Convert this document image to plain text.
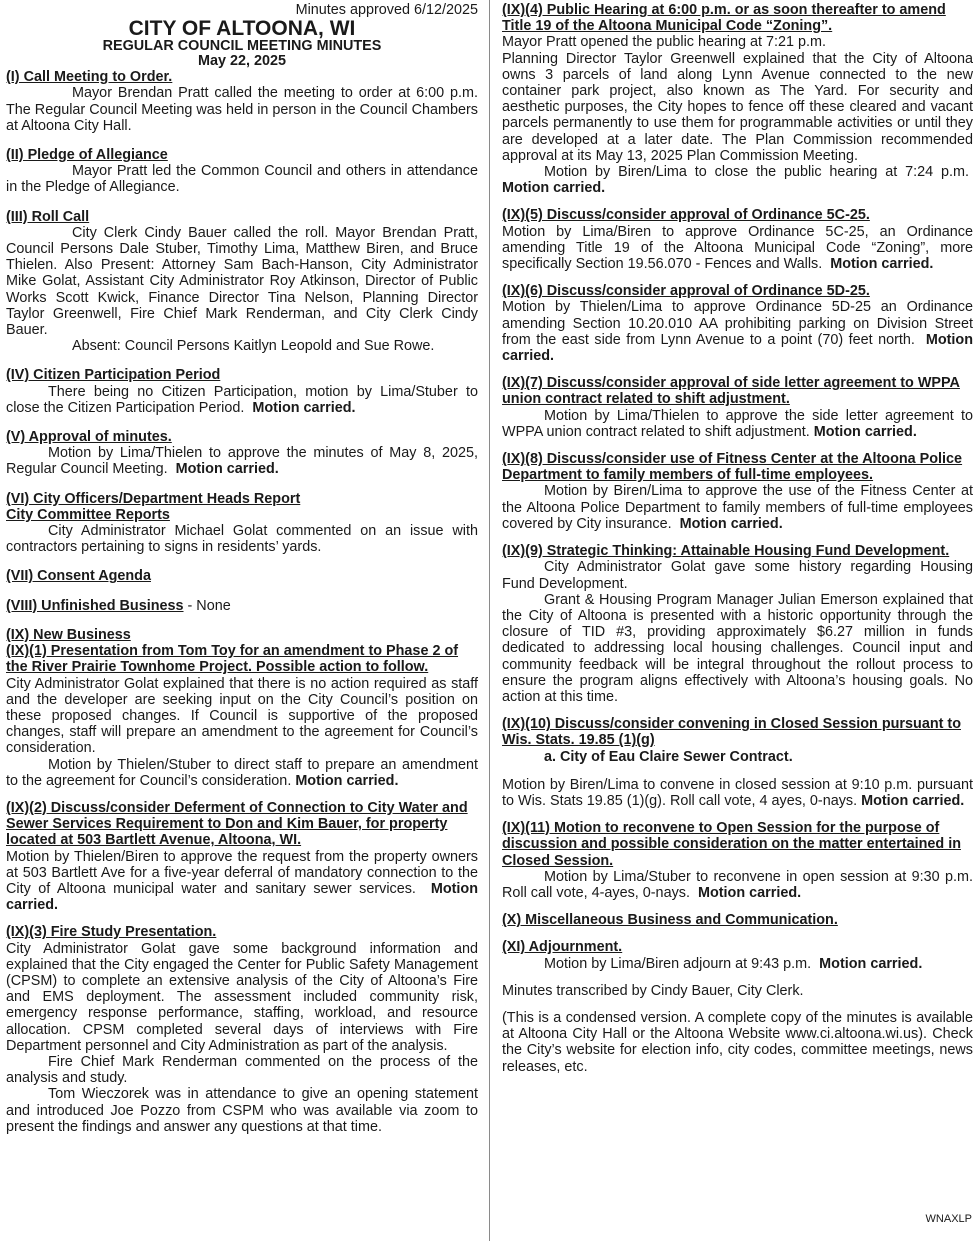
Minutes approved 6/12/2025
CITY OF ALTOONA, WI
REGULAR COUNCIL MEETING MINUTES
May 22, 2025
(I) Call Meeting to Order.

Mayor Brendan Pratt called the meeting to order at 6:00 p.m. The Regular Council Meeting was held in person in the Council Chambers at Altoona City Hall.

(II) Pledge of Allegiance

Mayor Pratt led the Common Council and others in attendance in the Pledge of Allegiance.

(III) Roll Call

City Clerk Cindy Bauer called the roll. Mayor Brendan Pratt, Council Persons Dale Stuber, Timothy Lima, Matthew Biren, and Bruce Thielen. Also Present: Attorney Sam Bach-Hanson, City Administrator Mike Golat, Assistant City Administrator Roy Atkinson, Director of Public Works Scott Kwick, Finance Director Tina Nelson, Planning Director Taylor Greenwell, Fire Chief Mark Renderman, and City Clerk Cindy Bauer.

Absent: Council Persons Kaitlyn Leopold and Sue Rowe.

(IV) Citizen Participation Period

There being no Citizen Participation, motion by Lima/Stuber to close the Citizen Participation Period. Motion carried.

(V) Approval of minutes.

Motion by Lima/Thielen to approve the minutes of May 8, 2025, Regular Council Meeting. Motion carried.

(VI) City Officers/Department Heads Report
City Committee Reports

City Administrator Michael Golat commented on an issue with contractors pertaining to signs in residents’ yards.

(VII) Consent Agenda
(VIII) Unfinished Business - None
(IX) New Business
(IX)(1) Presentation from Tom Toy for an amendment to Phase 2 of the River Prairie Townhome Project. Possible action to follow.

City Administrator Golat explained that there is no action required as staff and the developer are seeking input on the City Council’s position on these proposed changes. If Council is supportive of the proposed changes, staff will prepare an amendment to the agreement for Council’s consideration.

Motion by Thielen/Stuber to direct staff to prepare an amendment to the agreement for Council’s consideration. Motion carried.

(IX)(2) Discuss/consider Deferment of Connection to City Water and Sewer Services Requirement to Don and Kim Bauer, for property located at 503 Bartlett Avenue, Altoona, WI.

Motion by Thielen/Biren to approve the request from the property owners at 503 Bartlett Ave for a five-year deferral of mandatory connection to the City of Altoona municipal water and sanitary sewer services. Motion carried.

(IX)(3) Fire Study Presentation.

City Administrator Golat gave some background information and explained that the City engaged the Center for Public Safety Management (CPSM) to complete an extensive analysis of the City of Altoona’s Fire and EMS deployment. The assessment included community risk, emergency response performance, staffing, workload, and resource allocation. CPSM completed several days of interviews with Fire Department personnel and City Administration as part of the analysis.

Fire Chief Mark Renderman commented on the process of the analysis and study.

Tom Wieczorek was in attendance to give an opening statement and introduced Joe Pozzo from CSPM who was available via zoom to present the findings and answer any questions at that time.

(IX)(4) Public Hearing at 6:00 p.m. or as soon thereafter to amend Title 19 of the Altoona Municipal Code “Zoning”.

Mayor Pratt opened the public hearing at 7:21 p.m.

Planning Director Taylor Greenwell explained that the City of Altoona owns 3 parcels of land along Lynn Avenue connected to the new container park project, also known as The Yard. For security and aesthetic purposes, the City hopes to fence off these cleared and vacant parcels permanently to use them for programmable activities or until they are developed at a later date. The Plan Commission recommended approval at its May 13, 2025 Plan Commission Meeting.

Motion by Biren/Lima to close the public hearing at 7:24 p.m.  Motion carried.

(IX)(5) Discuss/consider approval of Ordinance 5C-25.

Motion by Lima/Biren to approve Ordinance 5C-25, an Ordinance amending Title 19 of the Altoona Municipal Code “Zoning”, more specifically Section 19.56.070 - Fences and Walls. Motion carried.

(IX)(6) Discuss/consider approval of Ordinance 5D-25.

Motion by Thielen/Lima to approve Ordinance 5D-25 an Ordinance amending Section 10.20.010 AA prohibiting parking on Division Street from the east side from Lynn Avenue to a point (70) feet north. Motion carried.

(IX)(7) Discuss/consider approval of side letter agreement to WPPA union contract related to shift adjustment.

Motion by Lima/Thielen to approve the side letter agreement to WPPA union contract related to shift adjustment. Motion carried.

(IX)(8) Discuss/consider use of Fitness Center at the Altoona Police Department to family members of full-time employees.

Motion by Biren/Lima to approve the use of the Fitness Center at the Altoona Police Department to family members of full-time employees covered by City insurance. Motion carried.

(IX)(9) Strategic Thinking: Attainable Housing Fund Development.

City Administrator Golat gave some history regarding Housing Fund Development.

Grant & Housing Program Manager Julian Emerson explained that the City of Altoona is presented with a historic opportunity through the closure of TID #3, providing approximately $6.27 million in funds dedicated to addressing local housing challenges. Council input and community feedback will be integral throughout the rollout process to ensure the program aligns effectively with Altoona’s housing goals. No action at this time.

(IX)(10) Discuss/consider convening in Closed Session pursuant to Wis. Stats. 19.85 (1)(g)
a. City of Eau Claire Sewer Contract.

Motion by Biren/Lima to convene in closed session at 9:10 p.m. pursuant to Wis. Stats 19.85 (1)(g). Roll call vote, 4 ayes, 0-nays. Motion carried.

(IX)(11) Motion to reconvene to Open Session for the purpose of discussion and possible consideration on the matter entertained in Closed Session.

Motion by Lima/Stuber to reconvene in open session at 9:30 p.m. Roll call vote, 4-ayes, 0-nays. Motion carried.

(X) Miscellaneous Business and Communication.
(XI) Adjournment.

Motion by Lima/Biren adjourn at 9:43 p.m. Motion carried.

Minutes transcribed by Cindy Bauer, City Clerk.

(This is a condensed version. A complete copy of the minutes is available at Altoona City Hall or the Altoona Website www.ci.altoona.wi.us). Check the City’s website for election info, city codes, committee meetings, news releases, etc.

WNAXLP
